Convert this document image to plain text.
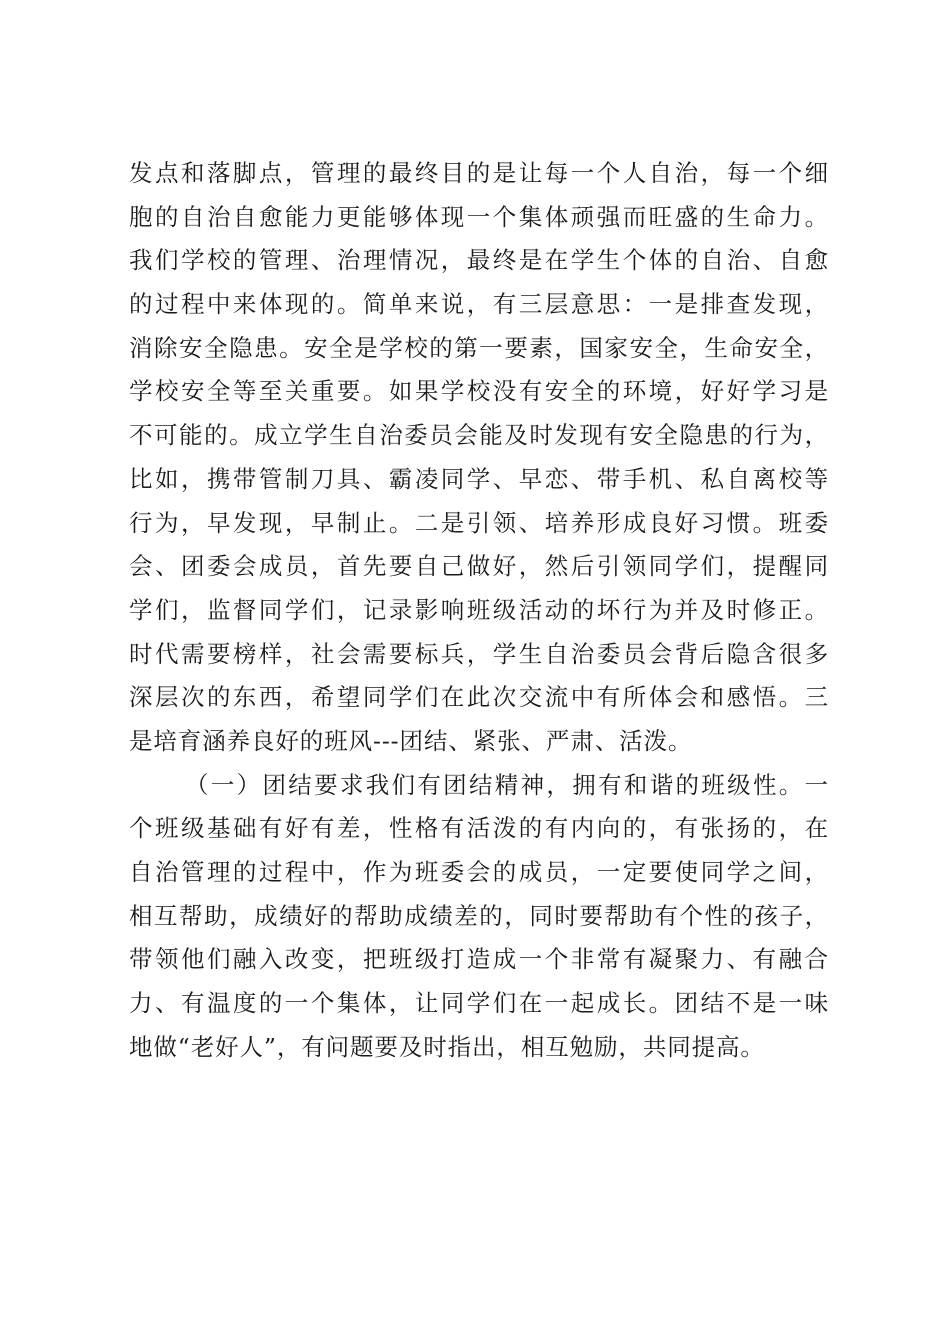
发点和落脚点，管理的最终目的是让每一个人自治，每一个细
胞的自治自愈能力更能够体现一个集体顽强而旺盛的生命力。
我们学校的管理、治理情况，最终是在学生个体的自治、自愈
的过程中来体现的。简单来说，有三层意思：一是排查发现，
消除安全隐患。安全是学校的第一要素，国家安全，生命安全，
学校安全等至关重要。如果学校没有安全的环境，好好学习是
不可能的。成立学生自治委员会能及时发现有安全隐患的行为，
比如，携带管制刀具、霸凌同学、早恋、带手机、私自离校等
行为，早发现，早制止。二是引领、培养形成良好习惯。班委
会、团委会成员，首先要自己做好，然后引领同学们，提醒同
学们，监督同学们，记录影响班级活动的坏行为并及时修正。
时代需要榜样，社会需要标兵，学生自治委员会背后隐含很多
深层次的东西，希望同学们在此次交流中有所体会和感悟。三
是培育涵养良好的班风---团结、紧张、严肃、活泼。
（一）团结要求我们有团结精神，拥有和谐的班级性。一
个班级基础有好有差，性格有活泼的有内向的，有张扬的，在
自治管理的过程中，作为班委会的成员，一定要使同学之间，
相互帮助，成绩好的帮助成绩差的，同时要帮助有个性的孩子，
带领他们融入改变，把班级打造成一个非常有凝聚力、有融合
力、有温度的一个集体，让同学们在一起成长。团结不是一味
地做“老好人”，有问题要及时指出，相互勉励，共同提高。
